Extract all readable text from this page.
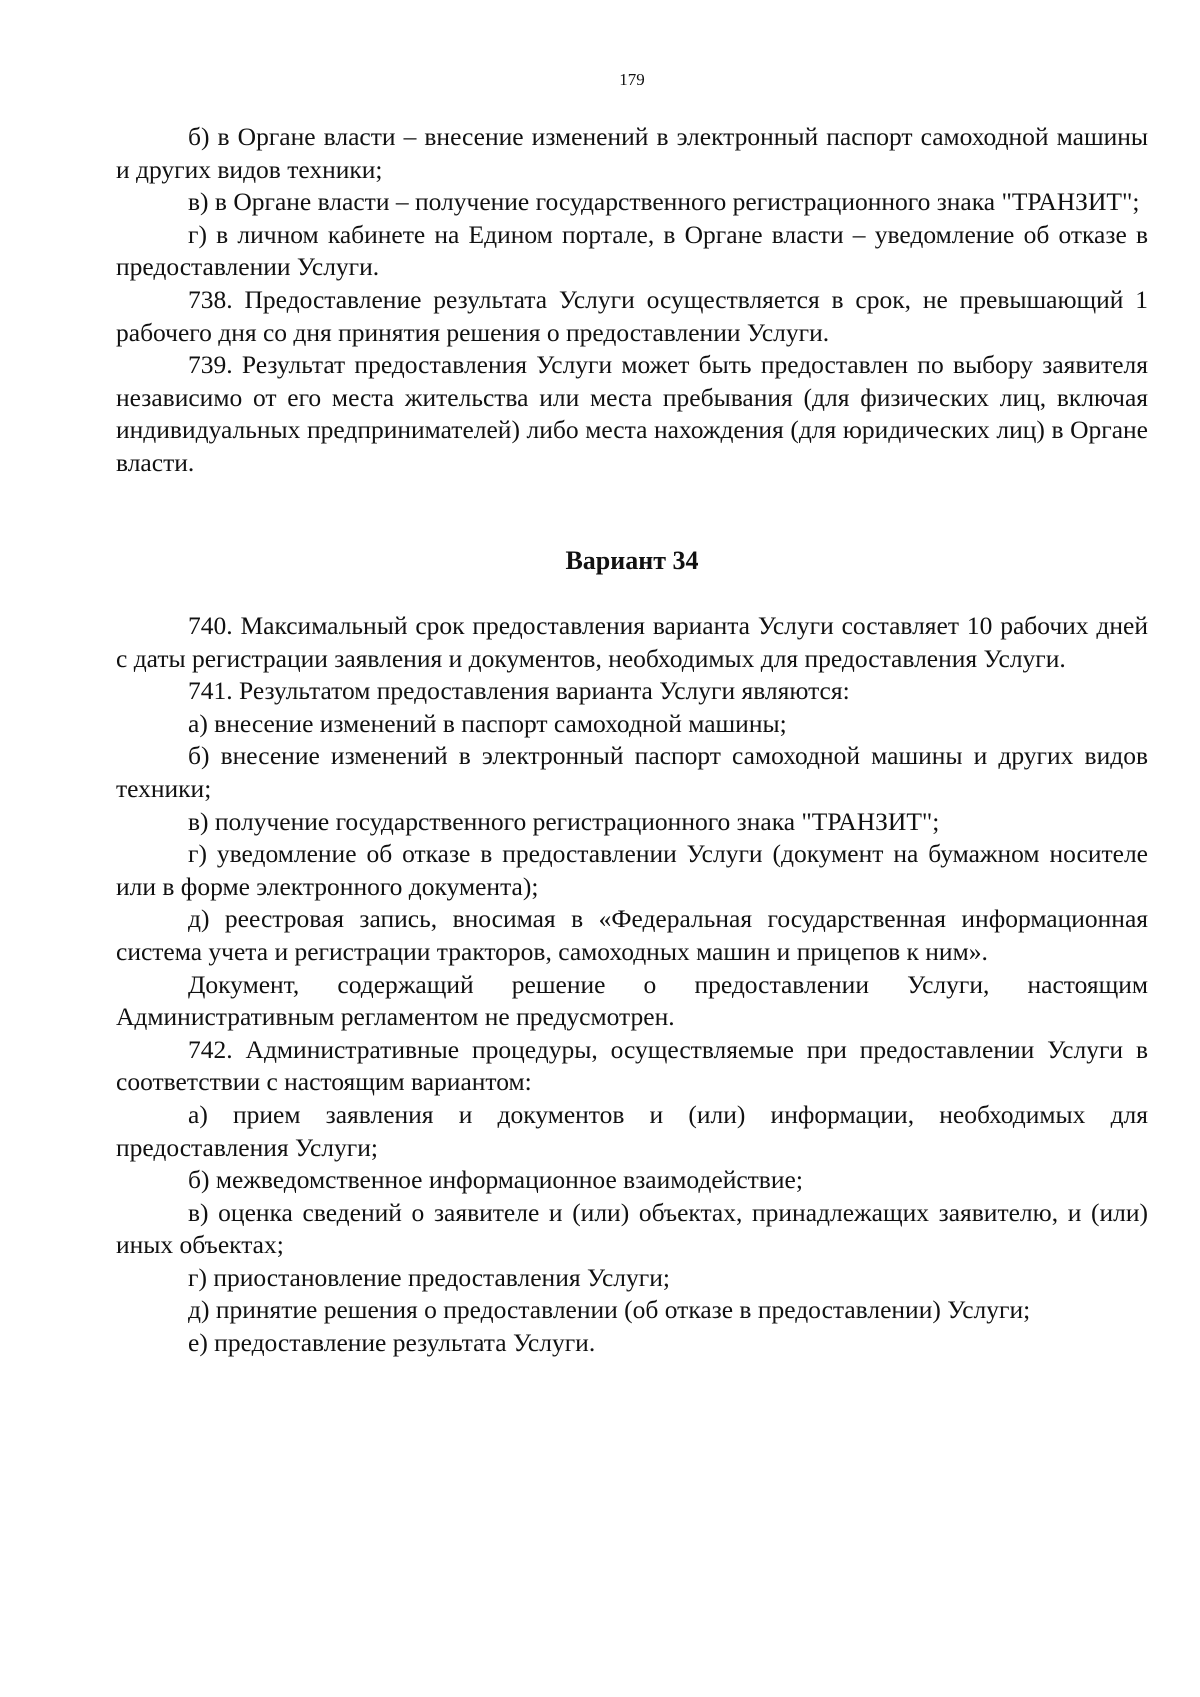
179

б) в Органе власти – внесение изменений в электронный паспорт самоходной машины и других видов техники;

в) в Органе власти – получение государственного регистрационного знака "ТРАНЗИТ";

г) в личном кабинете на Едином портале, в Органе власти – уведомление об отказе в предоставлении Услуги.

738. Предоставление результата Услуги осуществляется в срок, не превышающий 1 рабочего дня со дня принятия решения о предоставлении Услуги.

739. Результат предоставления Услуги может быть предоставлен по выбору заявителя независимо от его места жительства или места пребывания (для физических лиц, включая индивидуальных предпринимателей) либо места нахождения (для юридических лиц) в Органе власти.

Вариант 34

740. Максимальный срок предоставления варианта Услуги составляет 10 рабочих дней с даты регистрации заявления и документов, необходимых для предоставления Услуги.

741. Результатом предоставления варианта Услуги являются:

а) внесение изменений в паспорт самоходной машины;

б) внесение изменений в электронный паспорт самоходной машины и других видов техники;

в) получение государственного регистрационного знака "ТРАНЗИТ";

г) уведомление об отказе в предоставлении Услуги (документ на бумажном носителе или в форме электронного документа);

д) реестровая запись, вносимая в «Федеральная государственная информационная система учета и регистрации тракторов, самоходных машин и прицепов к ним».

Документ, содержащий решение о предоставлении Услуги, настоящим Административным регламентом не предусмотрен.

742. Административные процедуры, осуществляемые при предоставлении Услуги в соответствии с настоящим вариантом:

а) прием заявления и документов и (или) информации, необходимых для предоставления Услуги;

б) межведомственное информационное взаимодействие;

в) оценка сведений о заявителе и (или) объектах, принадлежащих заявителю, и (или) иных объектах;

г) приостановление предоставления Услуги;

д) принятие решения о предоставлении (об отказе в предоставлении) Услуги;

е) предоставление результата Услуги.
